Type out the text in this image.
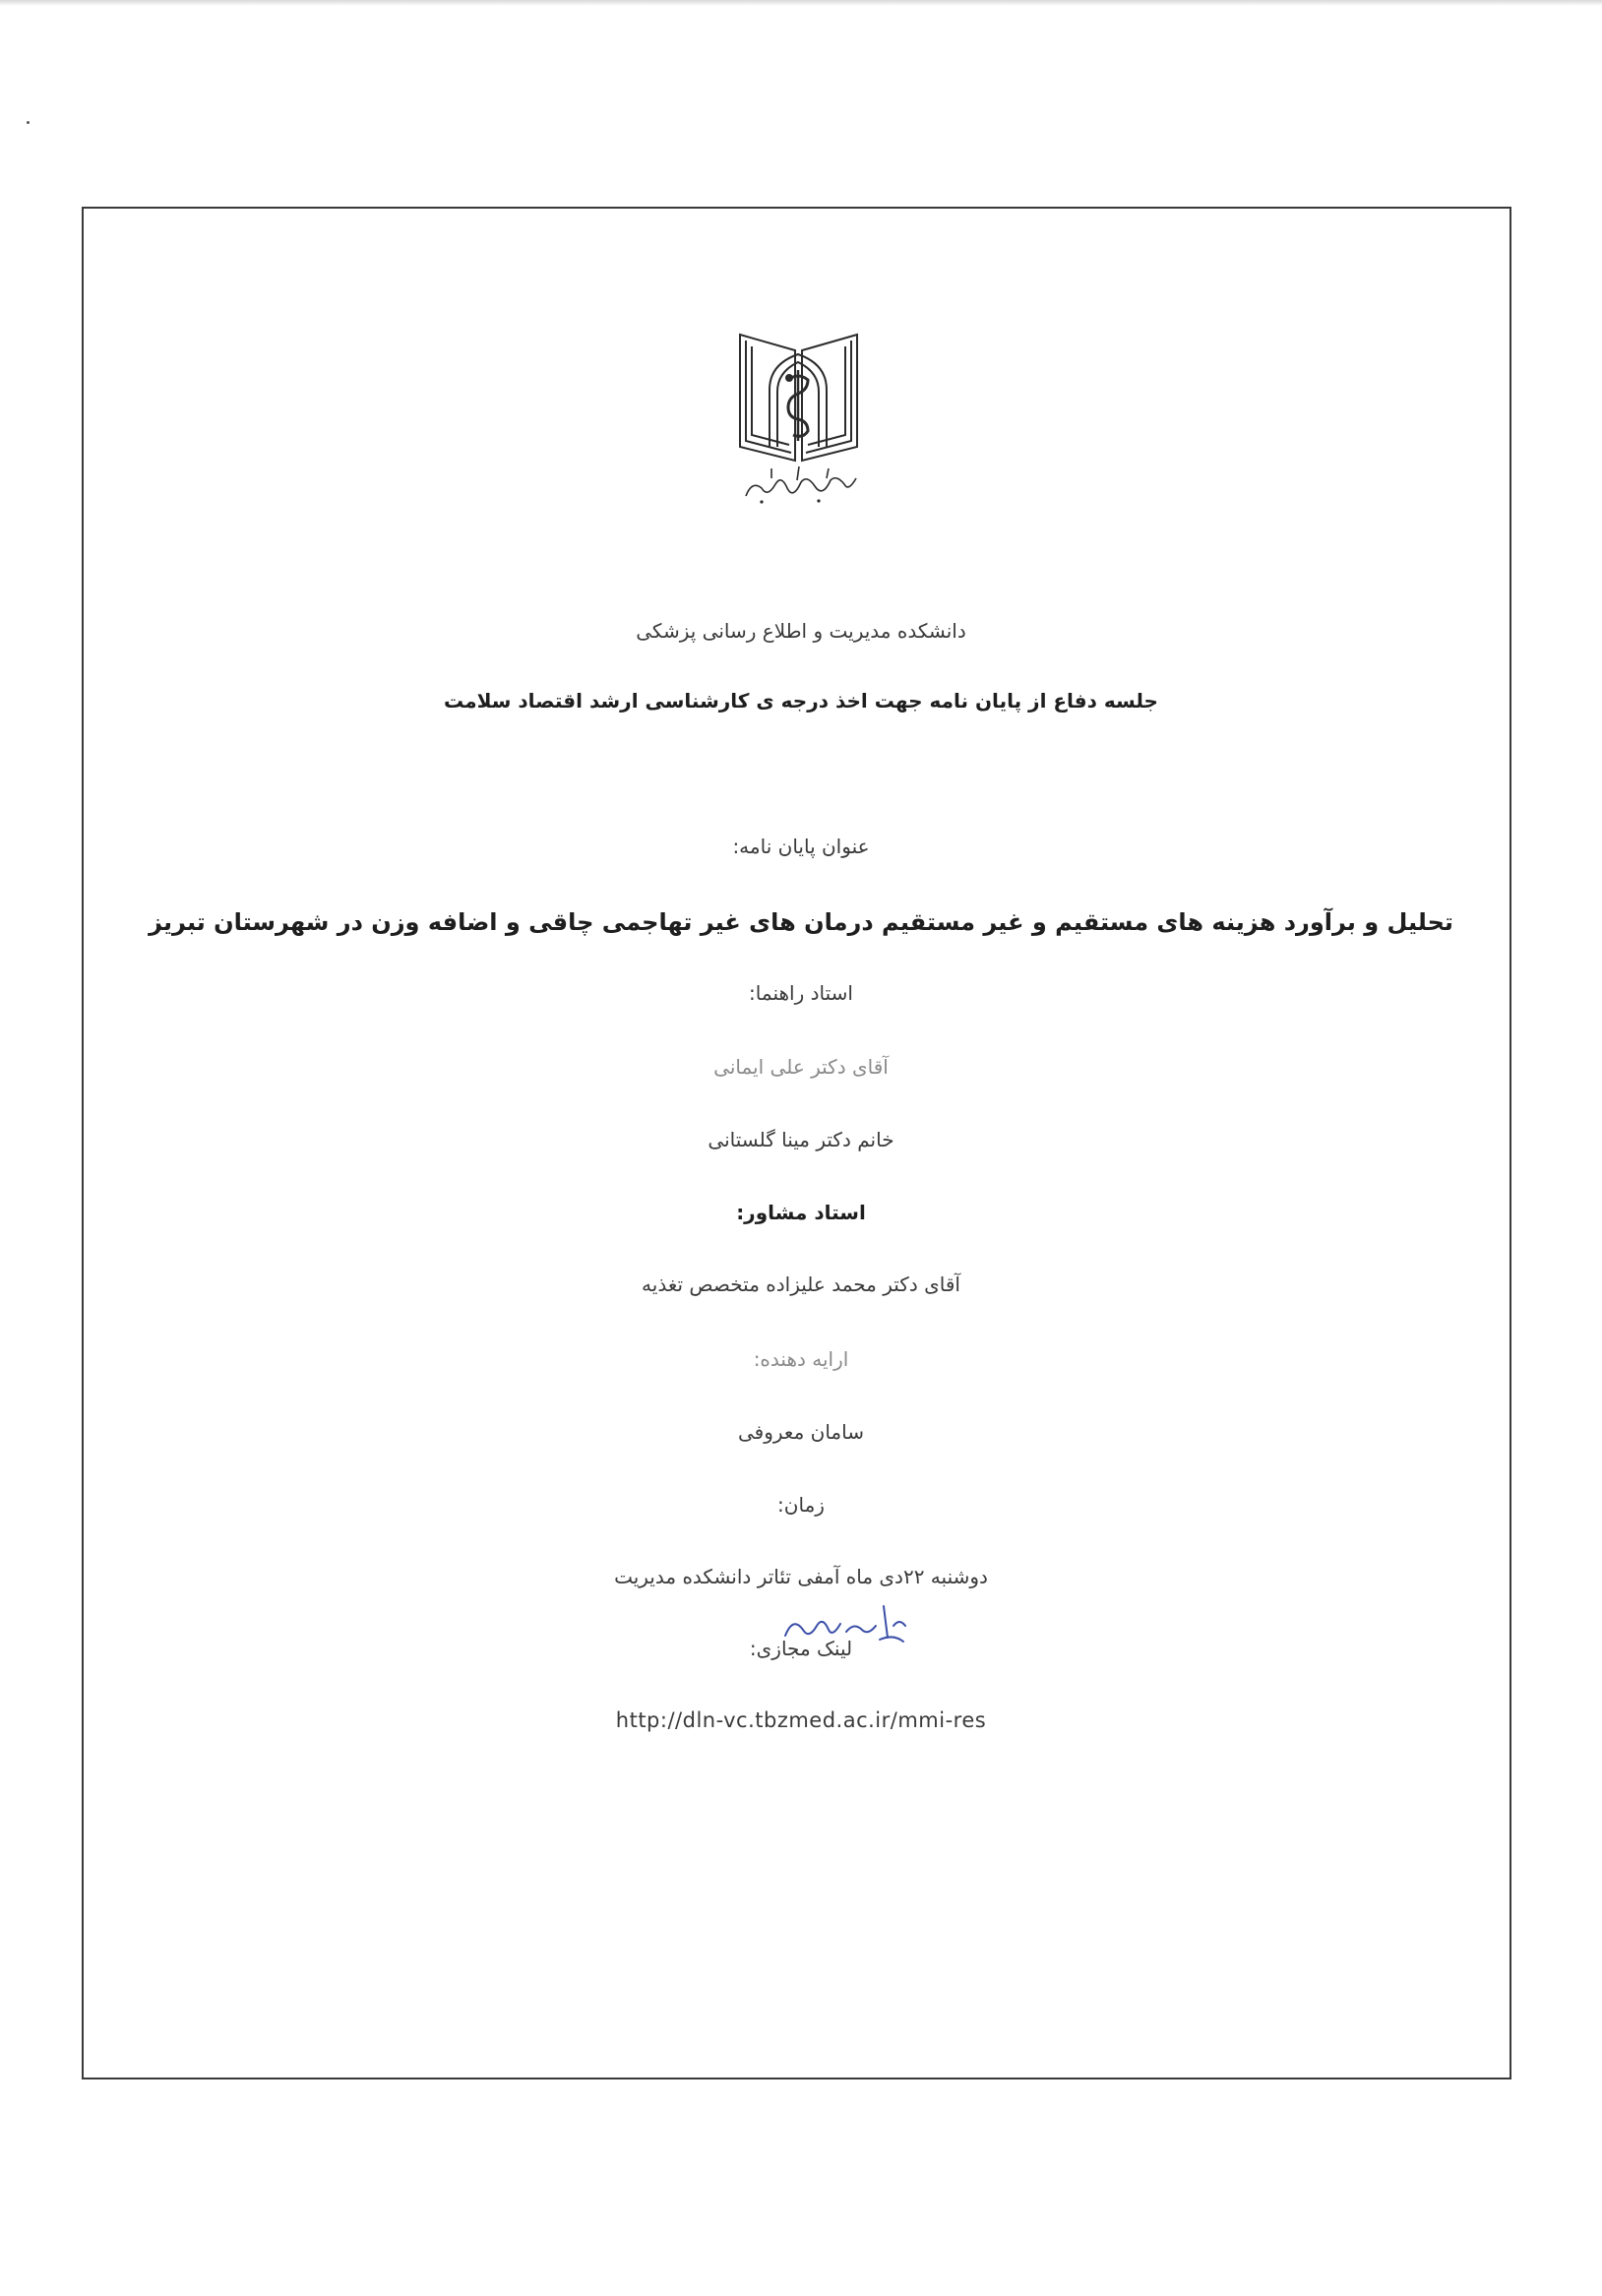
دانشکده مدیریت و اطلاع رسانی پزشکی
جلسه دفاع از پایان نامه جهت اخذ درجه ی کارشناسی ارشد اقتصاد سلامت
عنوان پایان نامه:
تحلیل و برآورد هزینه های مستقیم و غیر مستقیم درمان های غیر تهاجمی چاقی و اضافه وزن در شهرستان تبریز
استاد راهنما:
آقای دکتر علی ایمانی
خانم دکتر مینا گلستانی
استاد مشاور:
آقای دکتر محمد علیزاده متخصص تغذیه
ارایه دهنده:
سامان معروفی
زمان:
دوشنبه ۲۲دی ماه آمفی تئاتر دانشکده مدیریت
لینک مجازی:
http://dln-vc.tbzmed.ac.ir/mmi-res
